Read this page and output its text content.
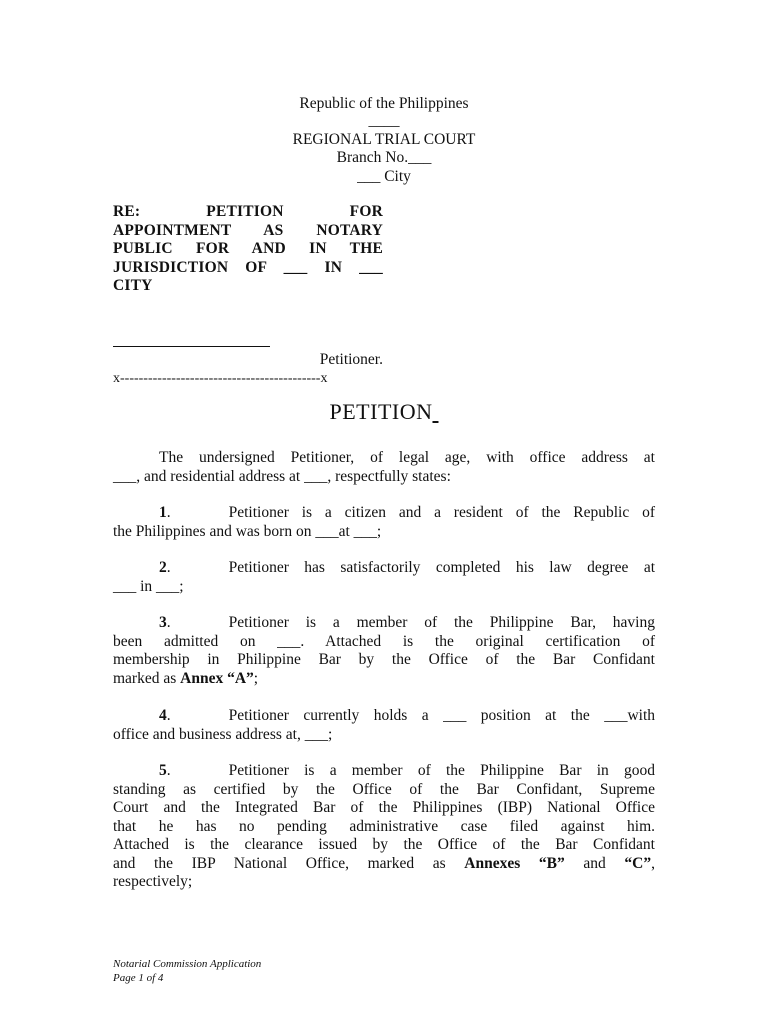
Republic of the Philippines
____
REGIONAL TRIAL COURT
Branch No.___
___ City
RE: PETITION FOR
APPOINTMENT AS NOTARY
PUBLIC FOR AND IN THE
JURISDICTION OF ___ IN ___
CITY
Petitioner.
x-------------------------------------------x
PETITION
The undersigned Petitioner, of legal age, with office address at
___, and residential address at ___, respectfully states:
1.	Petitioner is a citizen and a resident of the Republic of
the Philippines and was born on ___at ___;
2.	Petitioner has satisfactorily completed his law degree at
___ in ___;
3.	Petitioner is a member of the Philippine Bar, having
been admitted on ___. Attached is the original certification of
membership in Philippine Bar by the Office of the Bar Confidant
marked as Annex “A”;
4.	Petitioner currently holds a ___ position at the ___with
office and business address at, ___;
5.	Petitioner is a member of the Philippine Bar in good
standing as certified by the Office of the Bar Confidant, Supreme
Court and the Integrated Bar of the Philippines (IBP) National Office
that he has no pending administrative case filed against him.
Attached is the clearance issued by the Office of the Bar Confidant
and the IBP National Office, marked as Annexes “B” and “C”,
respectively;
Notarial Commission Application
Page 1 of 4
